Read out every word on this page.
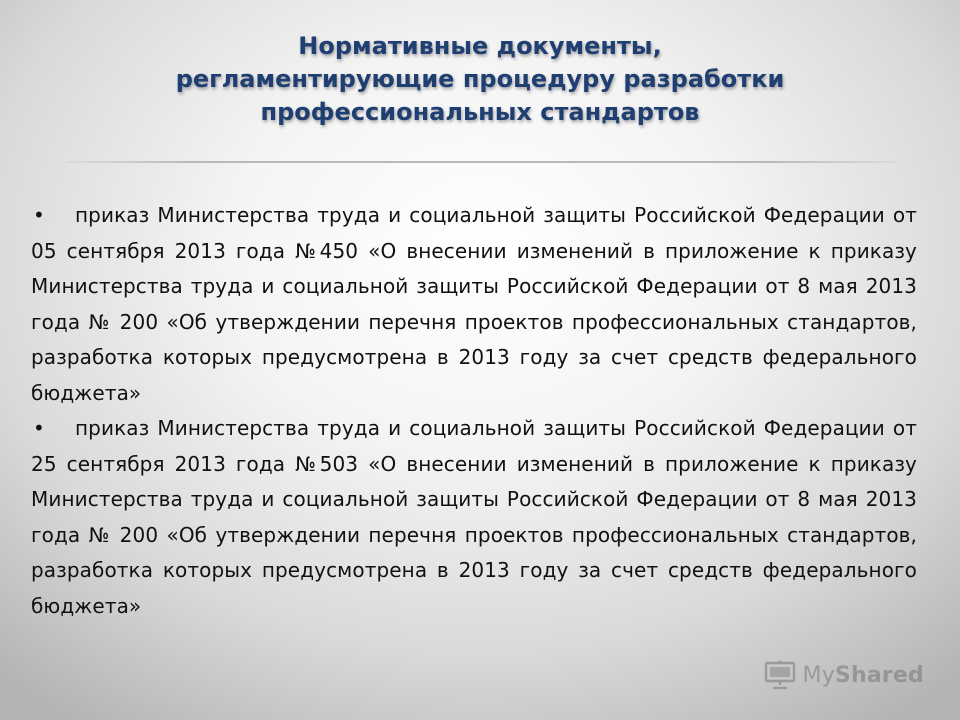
Нормативные документы,
регламентирующие процедуру разработки
профессиональных стандартов

• приказ Министерства труда и социальной защиты Российской Федерации от 05 сентября 2013 года №450 «О внесении изменений в приложение к приказу Министерства труда и социальной защиты Российской Федерации от 8 мая 2013 года № 200 «Об утверждении перечня проектов профессиональных стандартов, разработка которых предусмотрена в 2013 году за счет средств федерального бюджета»

• приказ Министерства труда и социальной защиты Российской Федерации от 25 сентября 2013 года №503 «О внесении изменений в приложение к приказу Министерства труда и социальной защиты Российской Федерации от 8 мая 2013 года № 200 «Об утверждении перечня проектов профессиональных стандартов, разработка которых предусмотрена в 2013 году за счет средств федерального бюджета»

MyShared
